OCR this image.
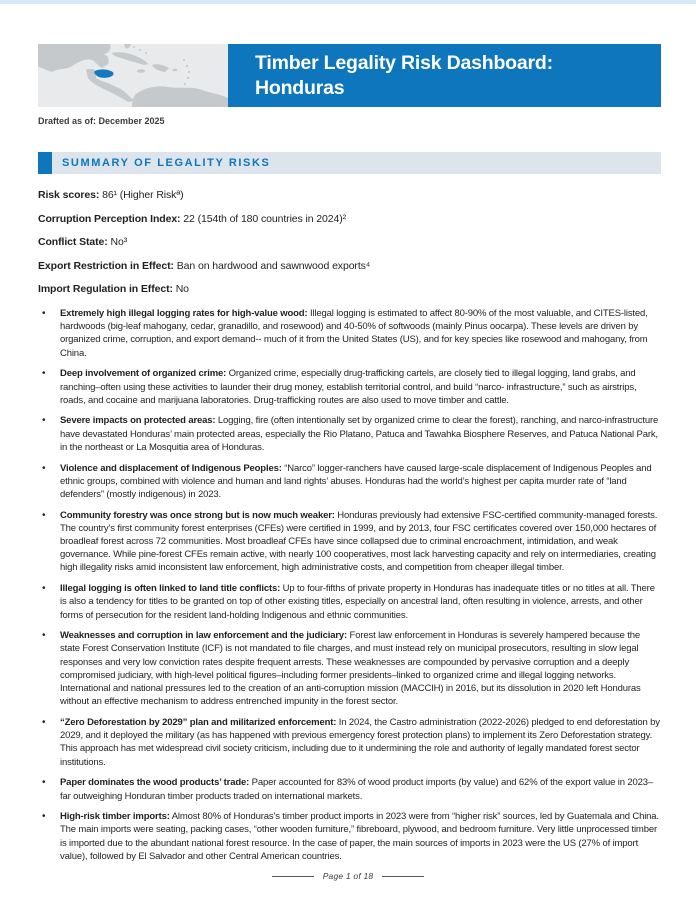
Timber Legality Risk Dashboard:
Honduras
Drafted as of: December 2025
SUMMARY OF LEGALITY RISKS
Risk scores: 86¹ (Higher Riskª)
Corruption Perception Index: 22 (154th of 180 countries in 2024)²
Conflict State: No³
Export Restriction in Effect: Ban on hardwood and sawnwood exports⁴
Import Regulation in Effect: No
•	Extremely high illegal logging rates for high-value wood: Illegal logging is estimated to affect 80-90% of the most valuable, and CITES-listed, hardwoods (big-leaf mahogany, cedar, granadillo, and rosewood) and 40-50% of softwoods (mainly Pinus oocarpa). These levels are driven by organized crime, corruption, and export demand-- much of it from the United States (US), and for key species like rosewood and mahogany, from China.
•	Deep involvement of organized crime: Organized crime, especially drug-trafficking cartels, are closely tied to illegal logging, land grabs, and ranching–often using these activities to launder their drug money, establish territorial control, and build “narco- infrastructure,” such as airstrips, roads, and cocaine and marijuana laboratories. Drug-trafficking routes are also used to move timber and cattle.
•	Severe impacts on protected areas: Logging, fire (often intentionally set by organized crime to clear the forest), ranching, and narco-infrastructure have devastated Honduras’ main protected areas, especially the Rio Platano, Patuca and Tawahka Biosphere Reserves, and Patuca National Park, in the northeast or La Mosquitia area of Honduras.
•	Violence and displacement of Indigenous Peoples: “Narco” logger-ranchers have caused large-scale displacement of Indigenous Peoples and ethnic groups, combined with violence and human and land rights’ abuses. Honduras had the world’s highest per capita murder rate of “land defenders” (mostly indigenous) in 2023.
•	Community forestry was once strong but is now much weaker: Honduras previously had extensive FSC-certified community-managed forests. The country’s first community forest enterprises (CFEs) were certified in 1999, and by 2013, four FSC certificates covered over 150,000 hectares of broadleaf forest across 72 communities. Most broadleaf CFEs have since collapsed due to criminal encroachment, intimidation, and weak governance. While pine-forest CFEs remain active, with nearly 100 cooperatives, most lack harvesting capacity and rely on intermediaries, creating high illegality risks amid inconsistent law enforcement, high administrative costs, and competition from cheaper illegal timber.
•	Illegal logging is often linked to land title conflicts: Up to four-fifths of private property in Honduras has inadequate titles or no titles at all. There is also a tendency for titles to be granted on top of other existing titles, especially on ancestral land, often resulting in violence, arrests, and other forms of persecution for the resident land-holding Indigenous and ethnic communities.
•	Weaknesses and corruption in law enforcement and the judiciary: Forest law enforcement in Honduras is severely hampered because the state Forest Conservation Institute (ICF) is not mandated to file charges, and must instead rely on municipal prosecutors, resulting in slow legal responses and very low conviction rates despite frequent arrests. These weaknesses are compounded by pervasive corruption and a deeply compromised judiciary, with high-level political figures–including former presidents–linked to organized crime and illegal logging networks. International and national pressures led to the creation of an anti-corruption mission (MACCIH) in 2016, but its dissolution in 2020 left Honduras without an effective mechanism to address entrenched impunity in the forest sector.
•	“Zero Deforestation by 2029” plan and militarized enforcement: In 2024, the Castro administration (2022-2026) pledged to end deforestation by 2029, and it deployed the military (as has happened with previous emergency forest protection plans) to implement its Zero Deforestation strategy. This approach has met widespread civil society criticism, including due to it undermining the role and authority of legally mandated forest sector institutions.
•	Paper dominates the wood products’ trade: Paper accounted for 83% of wood product imports (by value) and 62% of the export value in 2023–far outweighing Honduran timber products traded on international markets.
•	High-risk timber imports: Almost 80% of Honduras’s timber product imports in 2023 were from “higher risk” sources, led by Guatemala and China. The main imports were seating, packing cases, “other wooden furniture,” fibreboard, plywood, and bedroom furniture. Very little unprocessed timber is imported due to the abundant national forest resource. In the case of paper, the main sources of imports in 2023 were the US (27% of import value), followed by El Salvador and other Central American countries.
Page 1 of 18
